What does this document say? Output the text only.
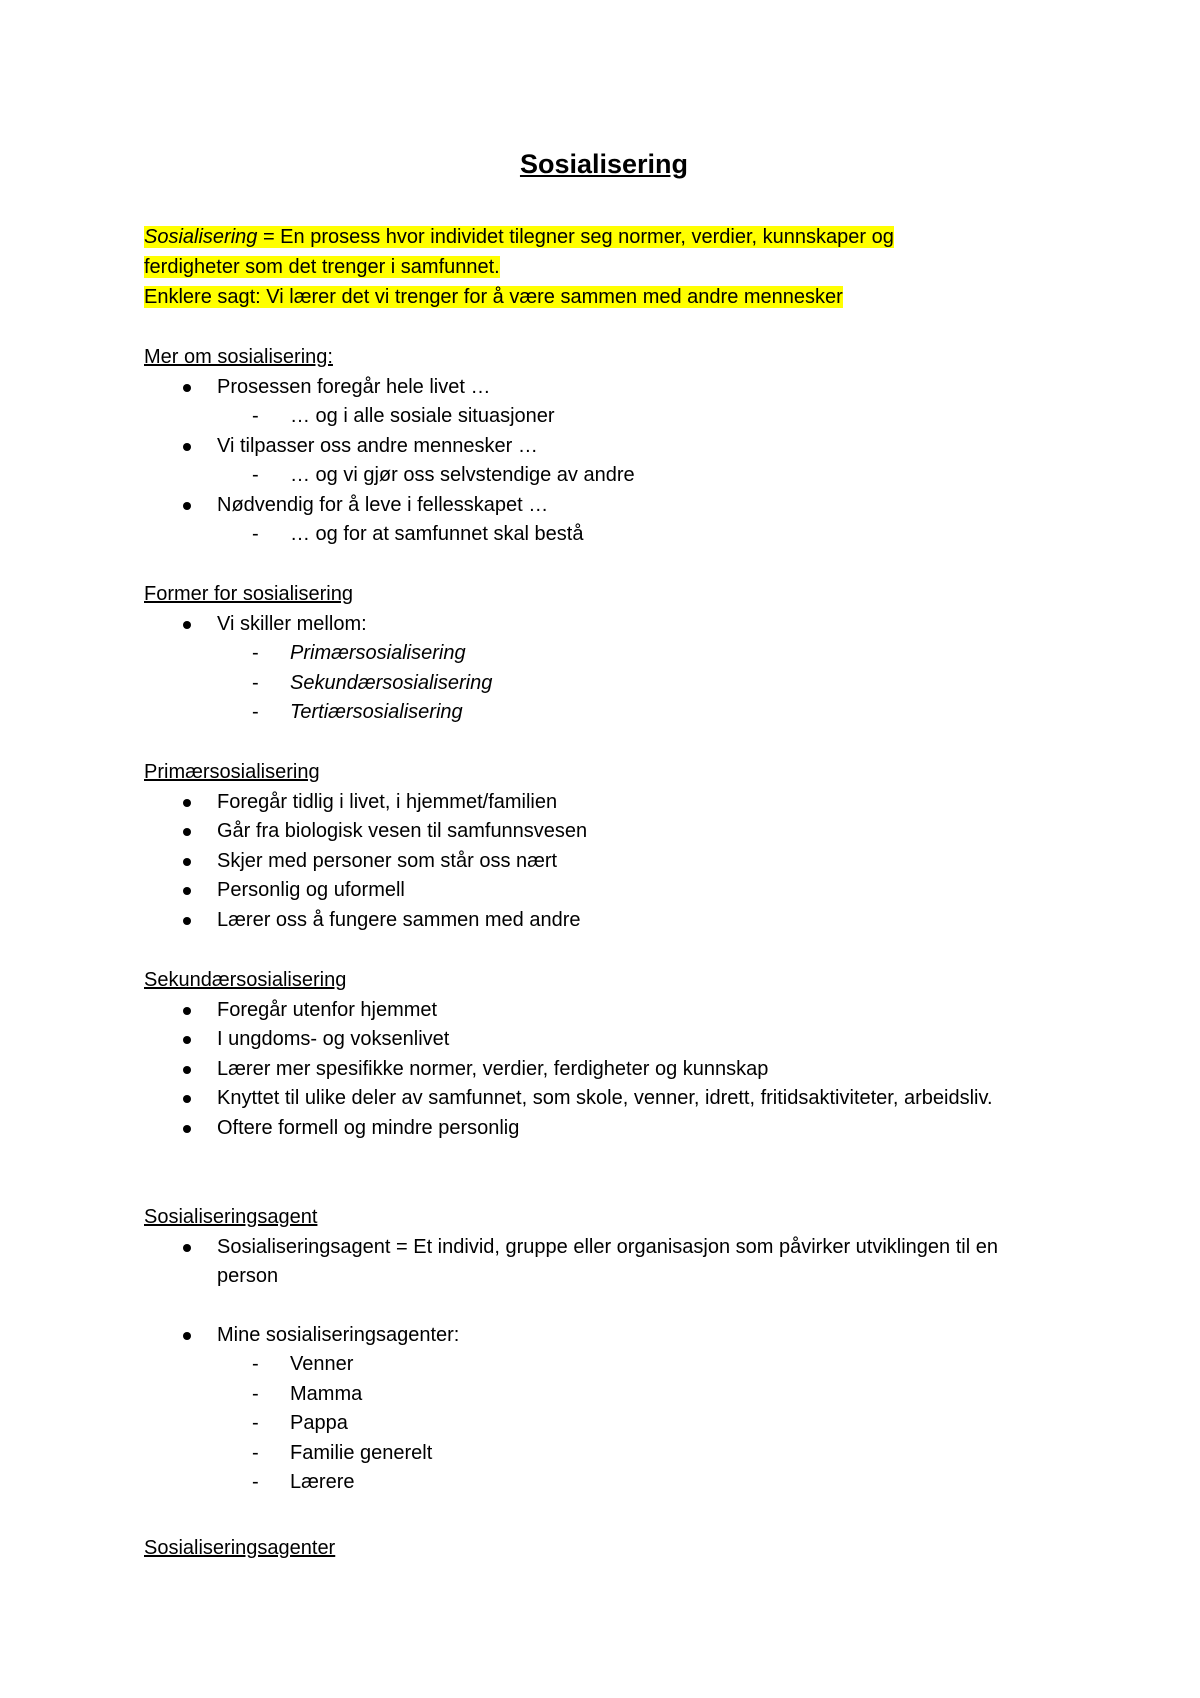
Sosialisering
Sosialisering = En prosess hvor individet tilegner seg normer, verdier, kunnskaper og
ferdigheter som det trenger i samfunnet.
Enklere sagt: Vi lærer det vi trenger for å være sammen med andre mennesker
Mer om sosialisering:
Prosessen foregår hele livet …
- … og i alle sosiale situasjoner
Vi tilpasser oss andre mennesker …
- … og vi gjør oss selvstendige av andre
Nødvendig for å leve i fellesskapet …
- … og for at samfunnet skal bestå
Former for sosialisering
Vi skiller mellom:
- Primærsosialisering
- Sekundærsosialisering
- Tertiærsosialisering
Primærsosialisering
Foregår tidlig i livet, i hjemmet/familien
Går fra biologisk vesen til samfunnsvesen
Skjer med personer som står oss nært
Personlig og uformell
Lærer oss å fungere sammen med andre
Sekundærsosialisering
Foregår utenfor hjemmet
I ungdoms- og voksenlivet
Lærer mer spesifikke normer, verdier, ferdigheter og kunnskap
Knyttet til ulike deler av samfunnet, som skole, venner, idrett, fritidsaktiviteter, arbeidsliv.
Oftere formell og mindre personlig
Sosialiseringsagent
Sosialiseringsagent = Et individ, gruppe eller organisasjon som påvirker utviklingen til en person
Mine sosialiseringsagenter:
- Venner
- Mamma
- Pappa
- Familie generelt
- Lærere
Sosialiseringsagenter
